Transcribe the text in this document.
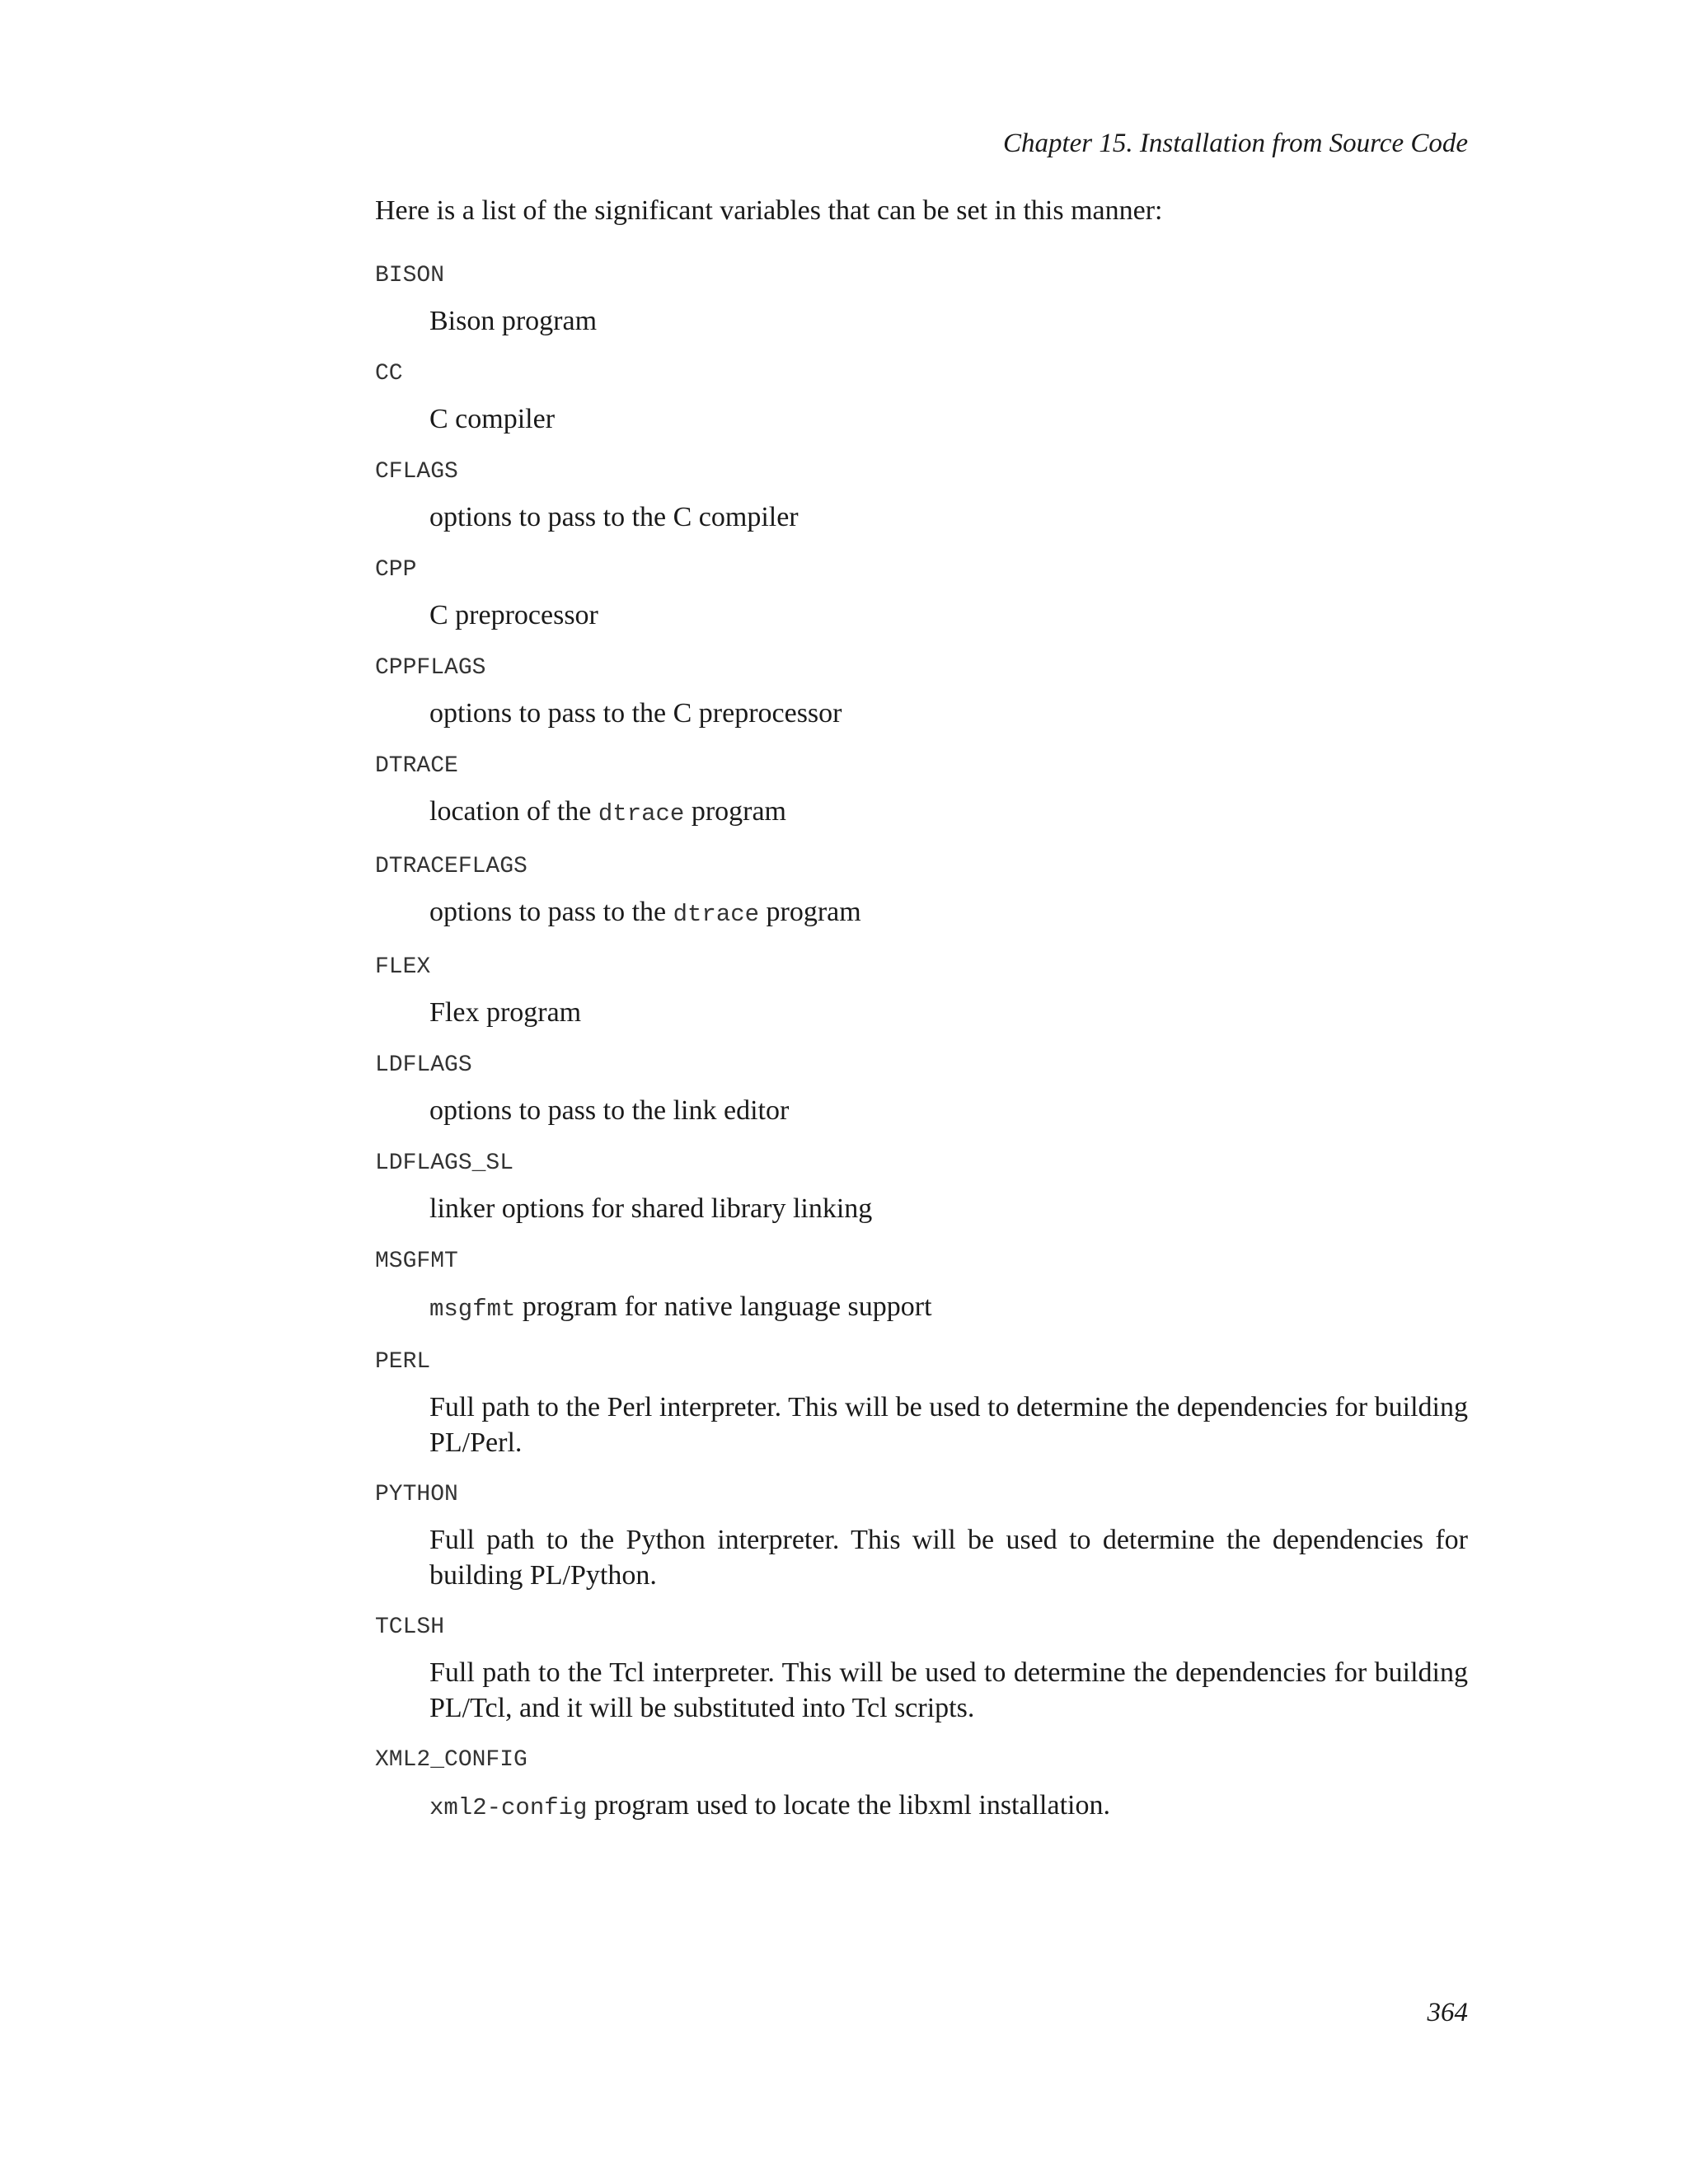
Chapter 15. Installation from Source Code
Here is a list of the significant variables that can be set in this manner:
BISON
Bison program
CC
C compiler
CFLAGS
options to pass to the C compiler
CPP
C preprocessor
CPPFLAGS
options to pass to the C preprocessor
DTRACE
location of the dtrace program
DTRACEFLAGS
options to pass to the dtrace program
FLEX
Flex program
LDFLAGS
options to pass to the link editor
LDFLAGS_SL
linker options for shared library linking
MSGFMT
msgfmt program for native language support
PERL
Full path to the Perl interpreter. This will be used to determine the dependencies for building PL/Perl.
PYTHON
Full path to the Python interpreter. This will be used to determine the dependencies for building PL/Python.
TCLSH
Full path to the Tcl interpreter. This will be used to determine the dependencies for building PL/Tcl, and it will be substituted into Tcl scripts.
XML2_CONFIG
xml2-config program used to locate the libxml installation.
364
